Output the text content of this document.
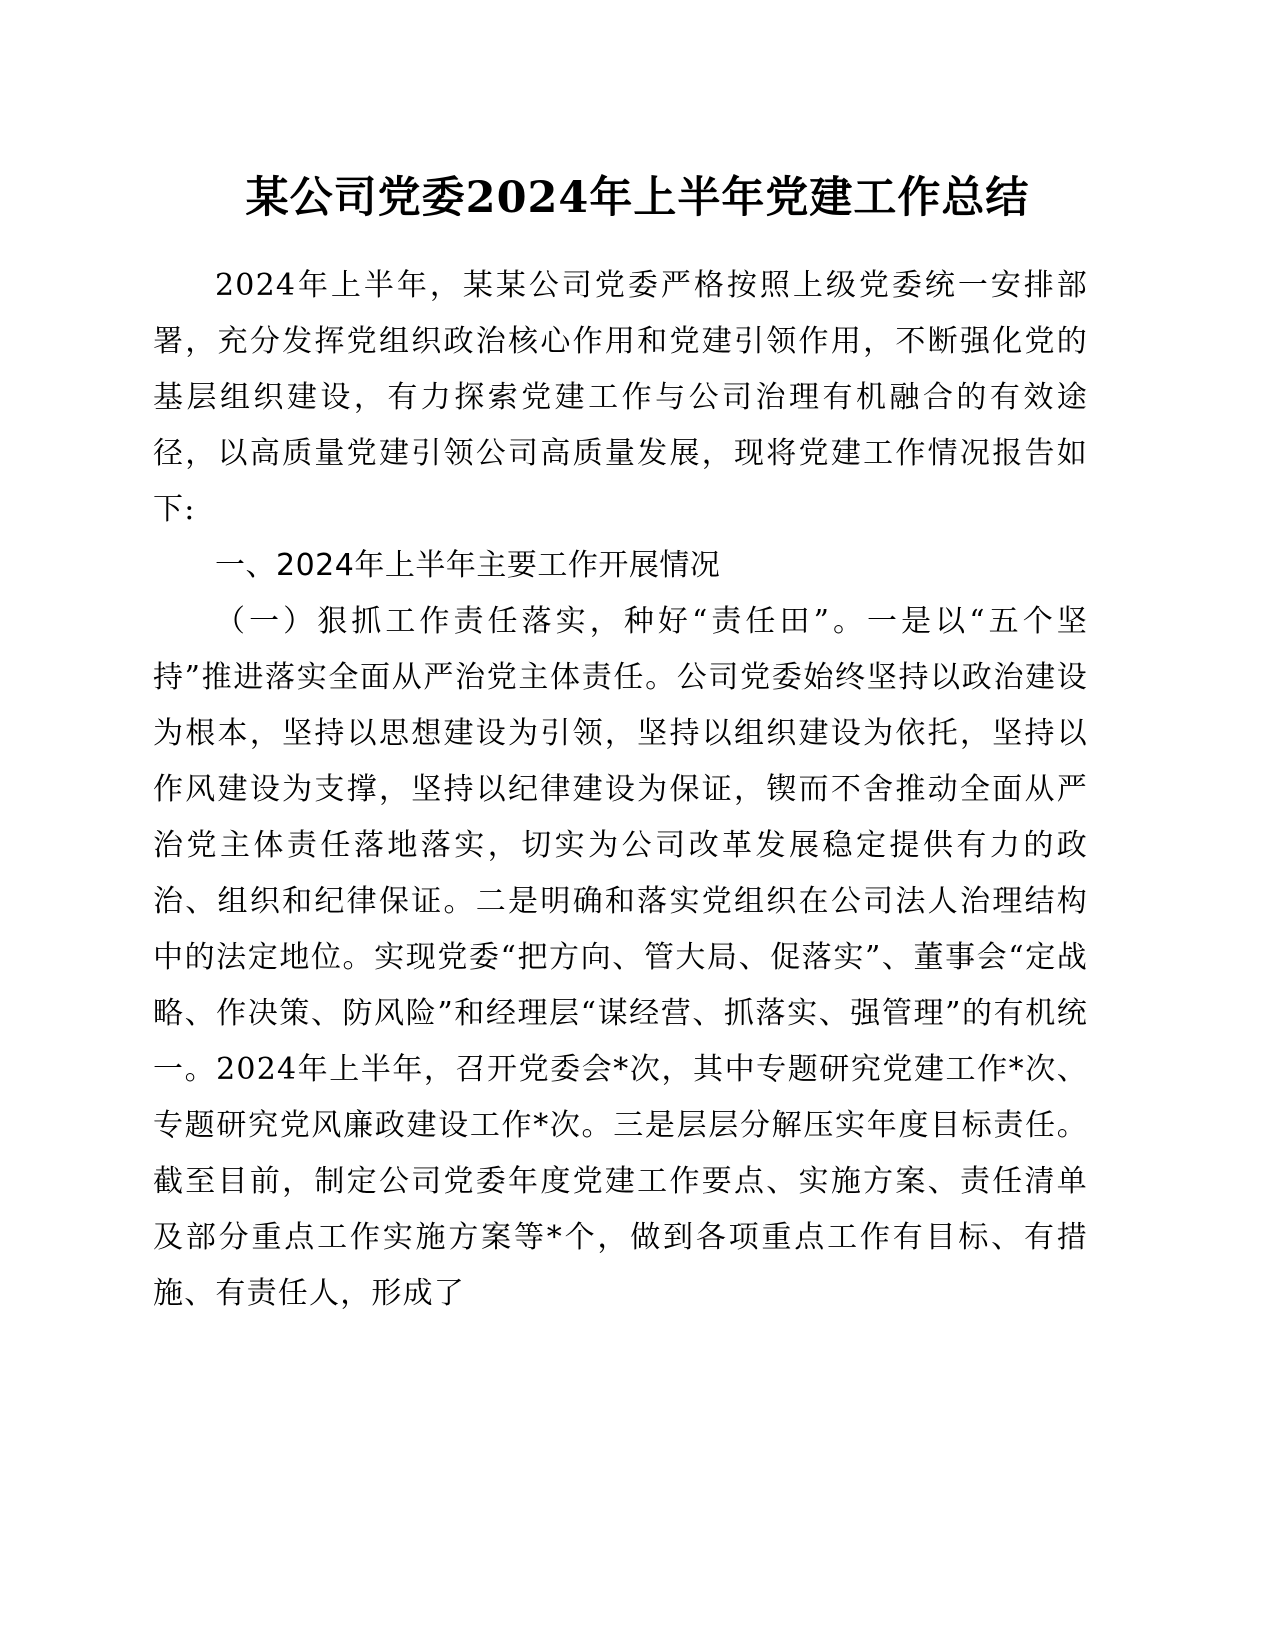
某公司党委2024年上半年党建工作总结

2024年上半年，某某公司党委严格按照上级党委统一安排部署，充分发挥党组织政治核心作用和党建引领作用，不断强化党的基层组织建设，有力探索党建工作与公司治理有机融合的有效途径，以高质量党建引领公司高质量发展，现将党建工作情况报告如下:

一、2024年上半年主要工作开展情况

（一）狠抓工作责任落实，种好“责任田”。一是以“五个坚持”推进落实全面从严治党主体责任。公司党委始终坚持以政治建设为根本，坚持以思想建设为引领，坚持以组织建设为依托，坚持以作风建设为支撑，坚持以纪律建设为保证，锲而不舍推动全面从严治党主体责任落地落实，切实为公司改革发展稳定提供有力的政治、组织和纪律保证。二是明确和落实党组织在公司法人治理结构中的法定地位。实现党委“把方向、管大局、促落实”、董事会“定战略、作决策、防风险”和经理层“谋经营、抓落实、强管理”的有机统一。2024年上半年，召开党委会*次，其中专题研究党建工作*次、专题研究党风廉政建设工作*次。三是层层分解压实年度目标责任。截至目前，制定公司党委年度党建工作要点、实施方案、责任清单及部分重点工作实施方案等*个，做到各项重点工作有目标、有措施、有责任人，形成了
